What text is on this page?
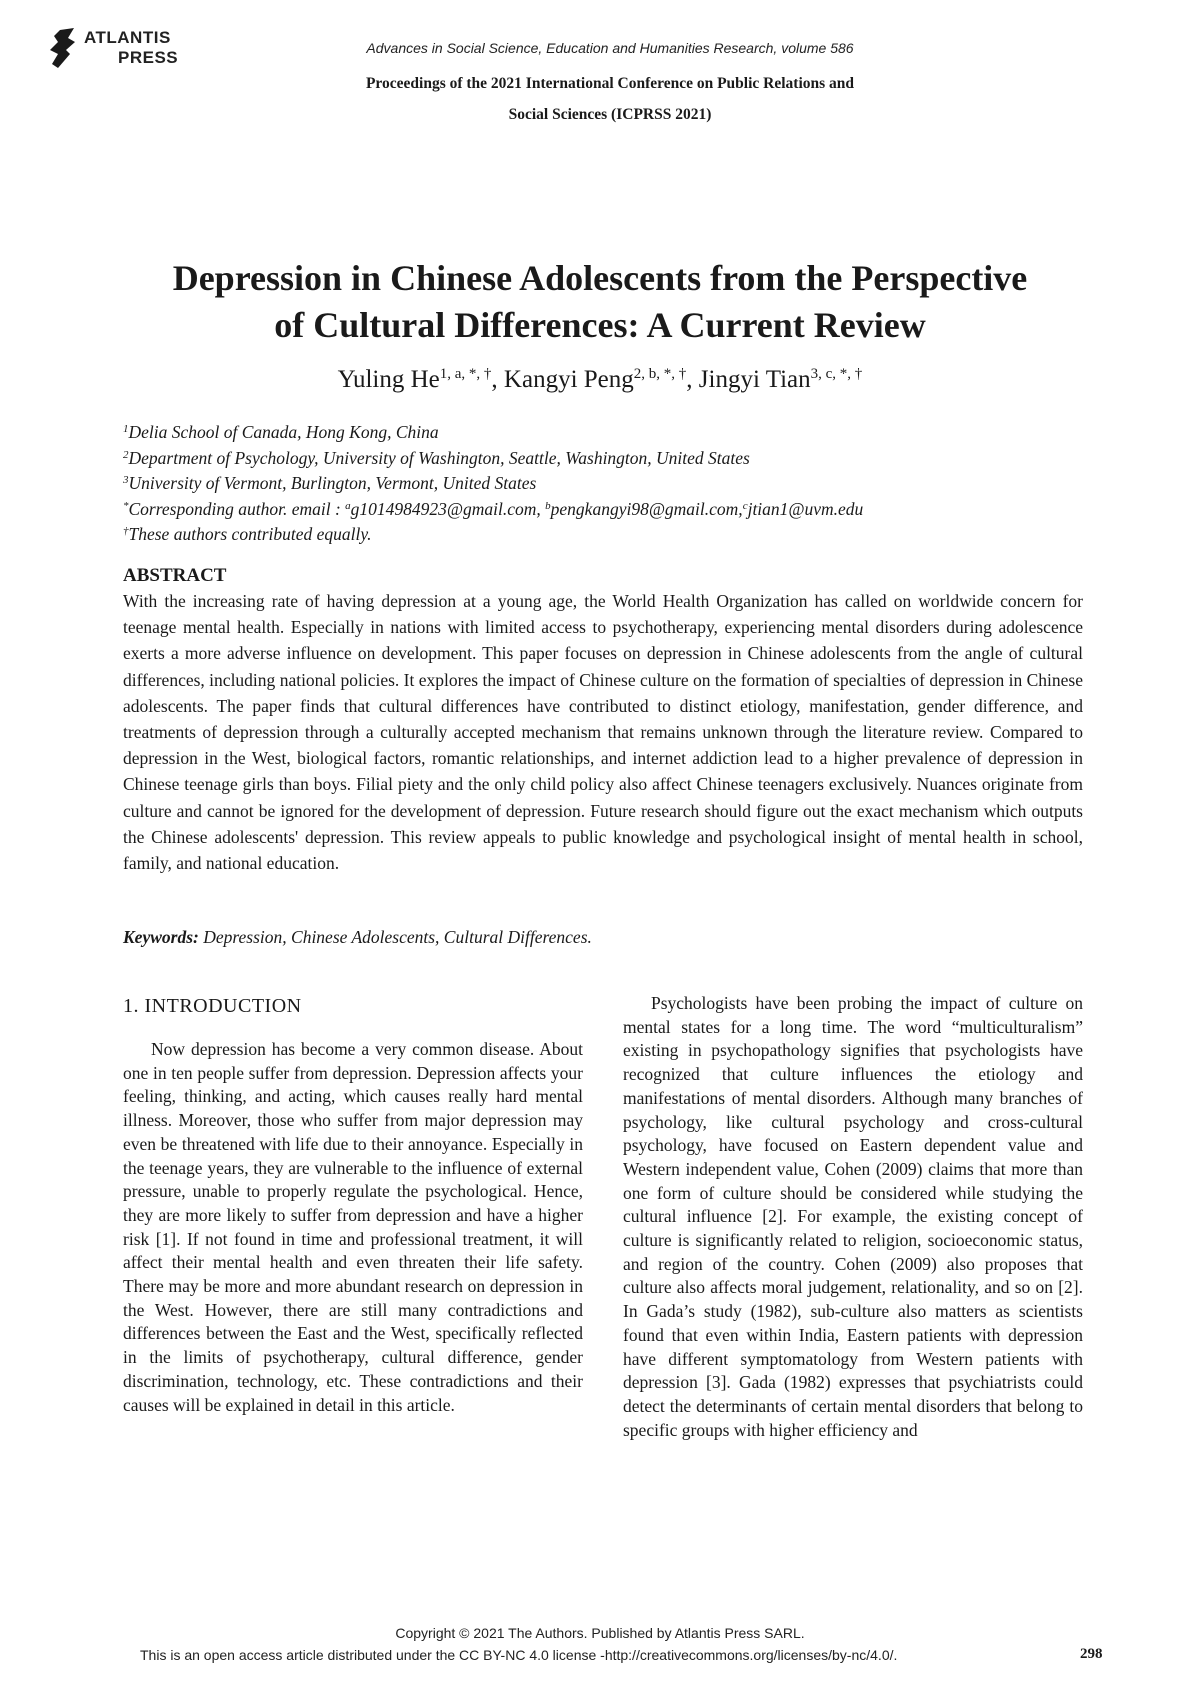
ATLANTIS
PRESS	Advances in Social Science, Education and Humanities Research, volume 586
Proceedings of the 2021 International Conference on Public Relations and
Social Sciences (ICPRSS 2021)
Depression in Chinese Adolescents from the Perspective
of Cultural Differences: A Current Review
Yuling $He^{1, a, *, \dagger}$, Kangyi Peng$^{2, b, *, \dagger}$, Jingyi Tian$^{3, c, *, \dagger}$
$^1$Delia School of Canada, Hong Kong, China
$^2$Department of Psychology, University of Washington, Seattle, Washington, United States
$^3$University of Vermont, Burlington, Vermont, United States
*Corresponding author. email : $^a$g1014984923@gmail.com, $^b$pengkangyi98@gmail.com,$^c$jtian1@uvm.edu
†These authors contributed equally.
ABSTRACT
With the increasing rate of having depression at a young age, the World Health Organization has called on worldwide concern for teenage mental health. Especially in nations with limited access to psychotherapy, experiencing mental disorders during adolescence exerts a more adverse influence on development. This paper focuses on depression in Chinese adolescents from the angle of cultural differences, including national policies. It explores the impact of Chinese culture on the formation of specialties of depression in Chinese adolescents. The paper finds that cultural differences have contributed to distinct etiology, manifestation, gender difference, and treatments of depression through a culturally accepted mechanism that remains unknown through the literature review. Compared to depression in the West, biological factors, romantic relationships, and internet addiction lead to a higher prevalence of depression in Chinese teenage girls than boys. Filial piety and the only child policy also affect Chinese teenagers exclusively. Nuances originate from culture and cannot be ignored for the development of depression. Future research should figure out the exact mechanism which outputs the Chinese adolescents' depression. This review appeals to public knowledge and psychological insight of mental health in school, family, and national education.
Keywords: Depression, Chinese Adolescents, Cultural Differences.
1. INTRODUCTION
Now depression has become a very common disease. About one in ten people suffer from depression. Depression affects your feeling, thinking, and acting, which causes really hard mental illness. Moreover, those who suffer from major depression may even be threatened with life due to their annoyance. Especially in the teenage years, they are vulnerable to the influence of external pressure, unable to properly regulate the psychological. Hence, they are more likely to suffer from depression and have a higher risk [1]. If not found in time and professional treatment, it will affect their mental health and even threaten their life safety. There may be more and more abundant research on depression in the West. However, there are still many contradictions and differences between the East and the West, specifically reflected in the limits of psychotherapy, cultural difference, gender discrimination, technology, etc. These contradictions and their causes will be explained in detail in this article.
Psychologists have been probing the impact of culture on mental states for a long time. The word “multiculturalism” existing in psychopathology signifies that psychologists have recognized that culture influences the etiology and manifestations of mental disorders. Although many branches of psychology, like cultural psychology and cross-cultural psychology, have focused on Eastern dependent value and Western independent value, Cohen (2009) claims that more than one form of culture should be considered while studying the cultural influence [2]. For example, the existing concept of culture is significantly related to religion, socioeconomic status, and region of the country. Cohen (2009) also proposes that culture also affects moral judgement, relationality, and so on [2]. In Gada’s study (1982), sub-culture also matters as scientists found that even within India, Eastern patients with depression have different symptomatology from Western patients with depression [3]. Gada (1982) expresses that psychiatrists could detect the determinants of certain mental disorders that belong to specific groups with higher efficiency and
Copyright © 2021 The Authors. Published by Atlantis Press SARL.
This is an open access article distributed under the CC BY-NC 4.0 license -http://creativecommons.org/licenses/by-nc/4.0/.	298
